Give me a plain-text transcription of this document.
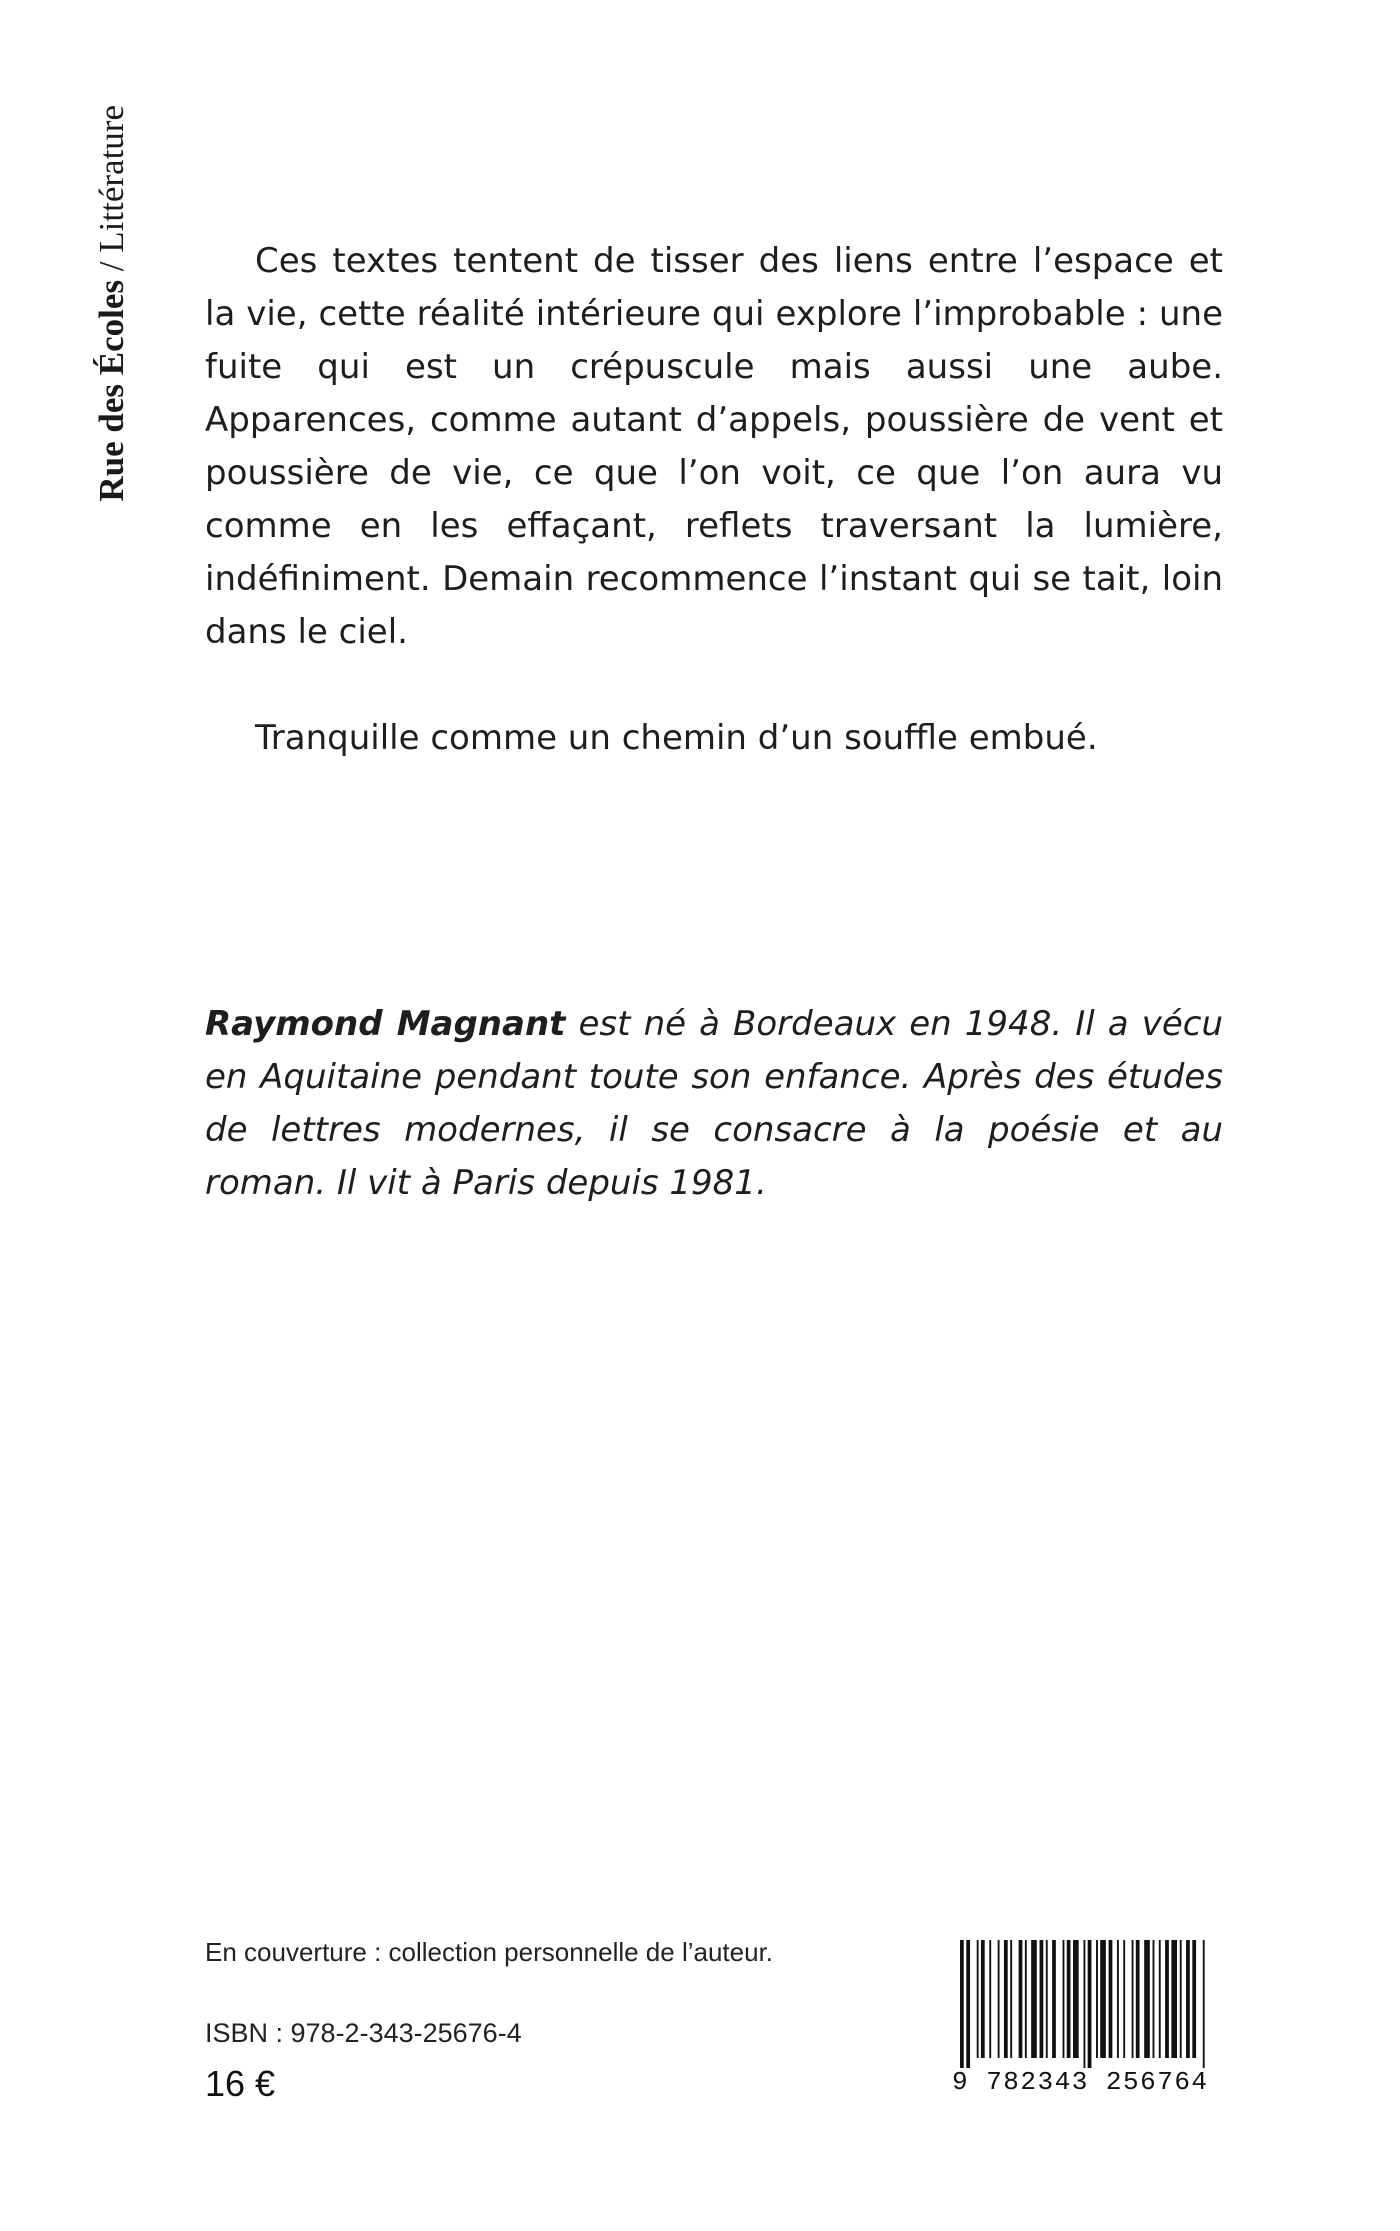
Rue des Écoles / Littérature

Ces textes tentent de tisser des liens entre l’espace et la vie, cette réalité intérieure qui explore l’improbable : une fuite qui est un crépuscule mais aussi une aube. Apparences, comme autant d’appels, poussière de vent et poussière de vie, ce que l’on voit, ce que l’on aura vu comme en les effaçant, reflets traversant la lumière, indéfiniment. Demain recommence l’instant qui se tait, loin dans le ciel.

Tranquille comme un chemin d’un souffle embué.
Raymond Magnant est né à Bordeaux en 1948. Il a vécu en Aquitaine pendant toute son enfance. Après des études de lettres modernes, il se consacre à la poésie et au roman. Il vit à Paris depuis 1981.
En couverture : collection personnelle de l’auteur.
ISBN : 978-2-343-25676-4
16 €	9 782343 256764
